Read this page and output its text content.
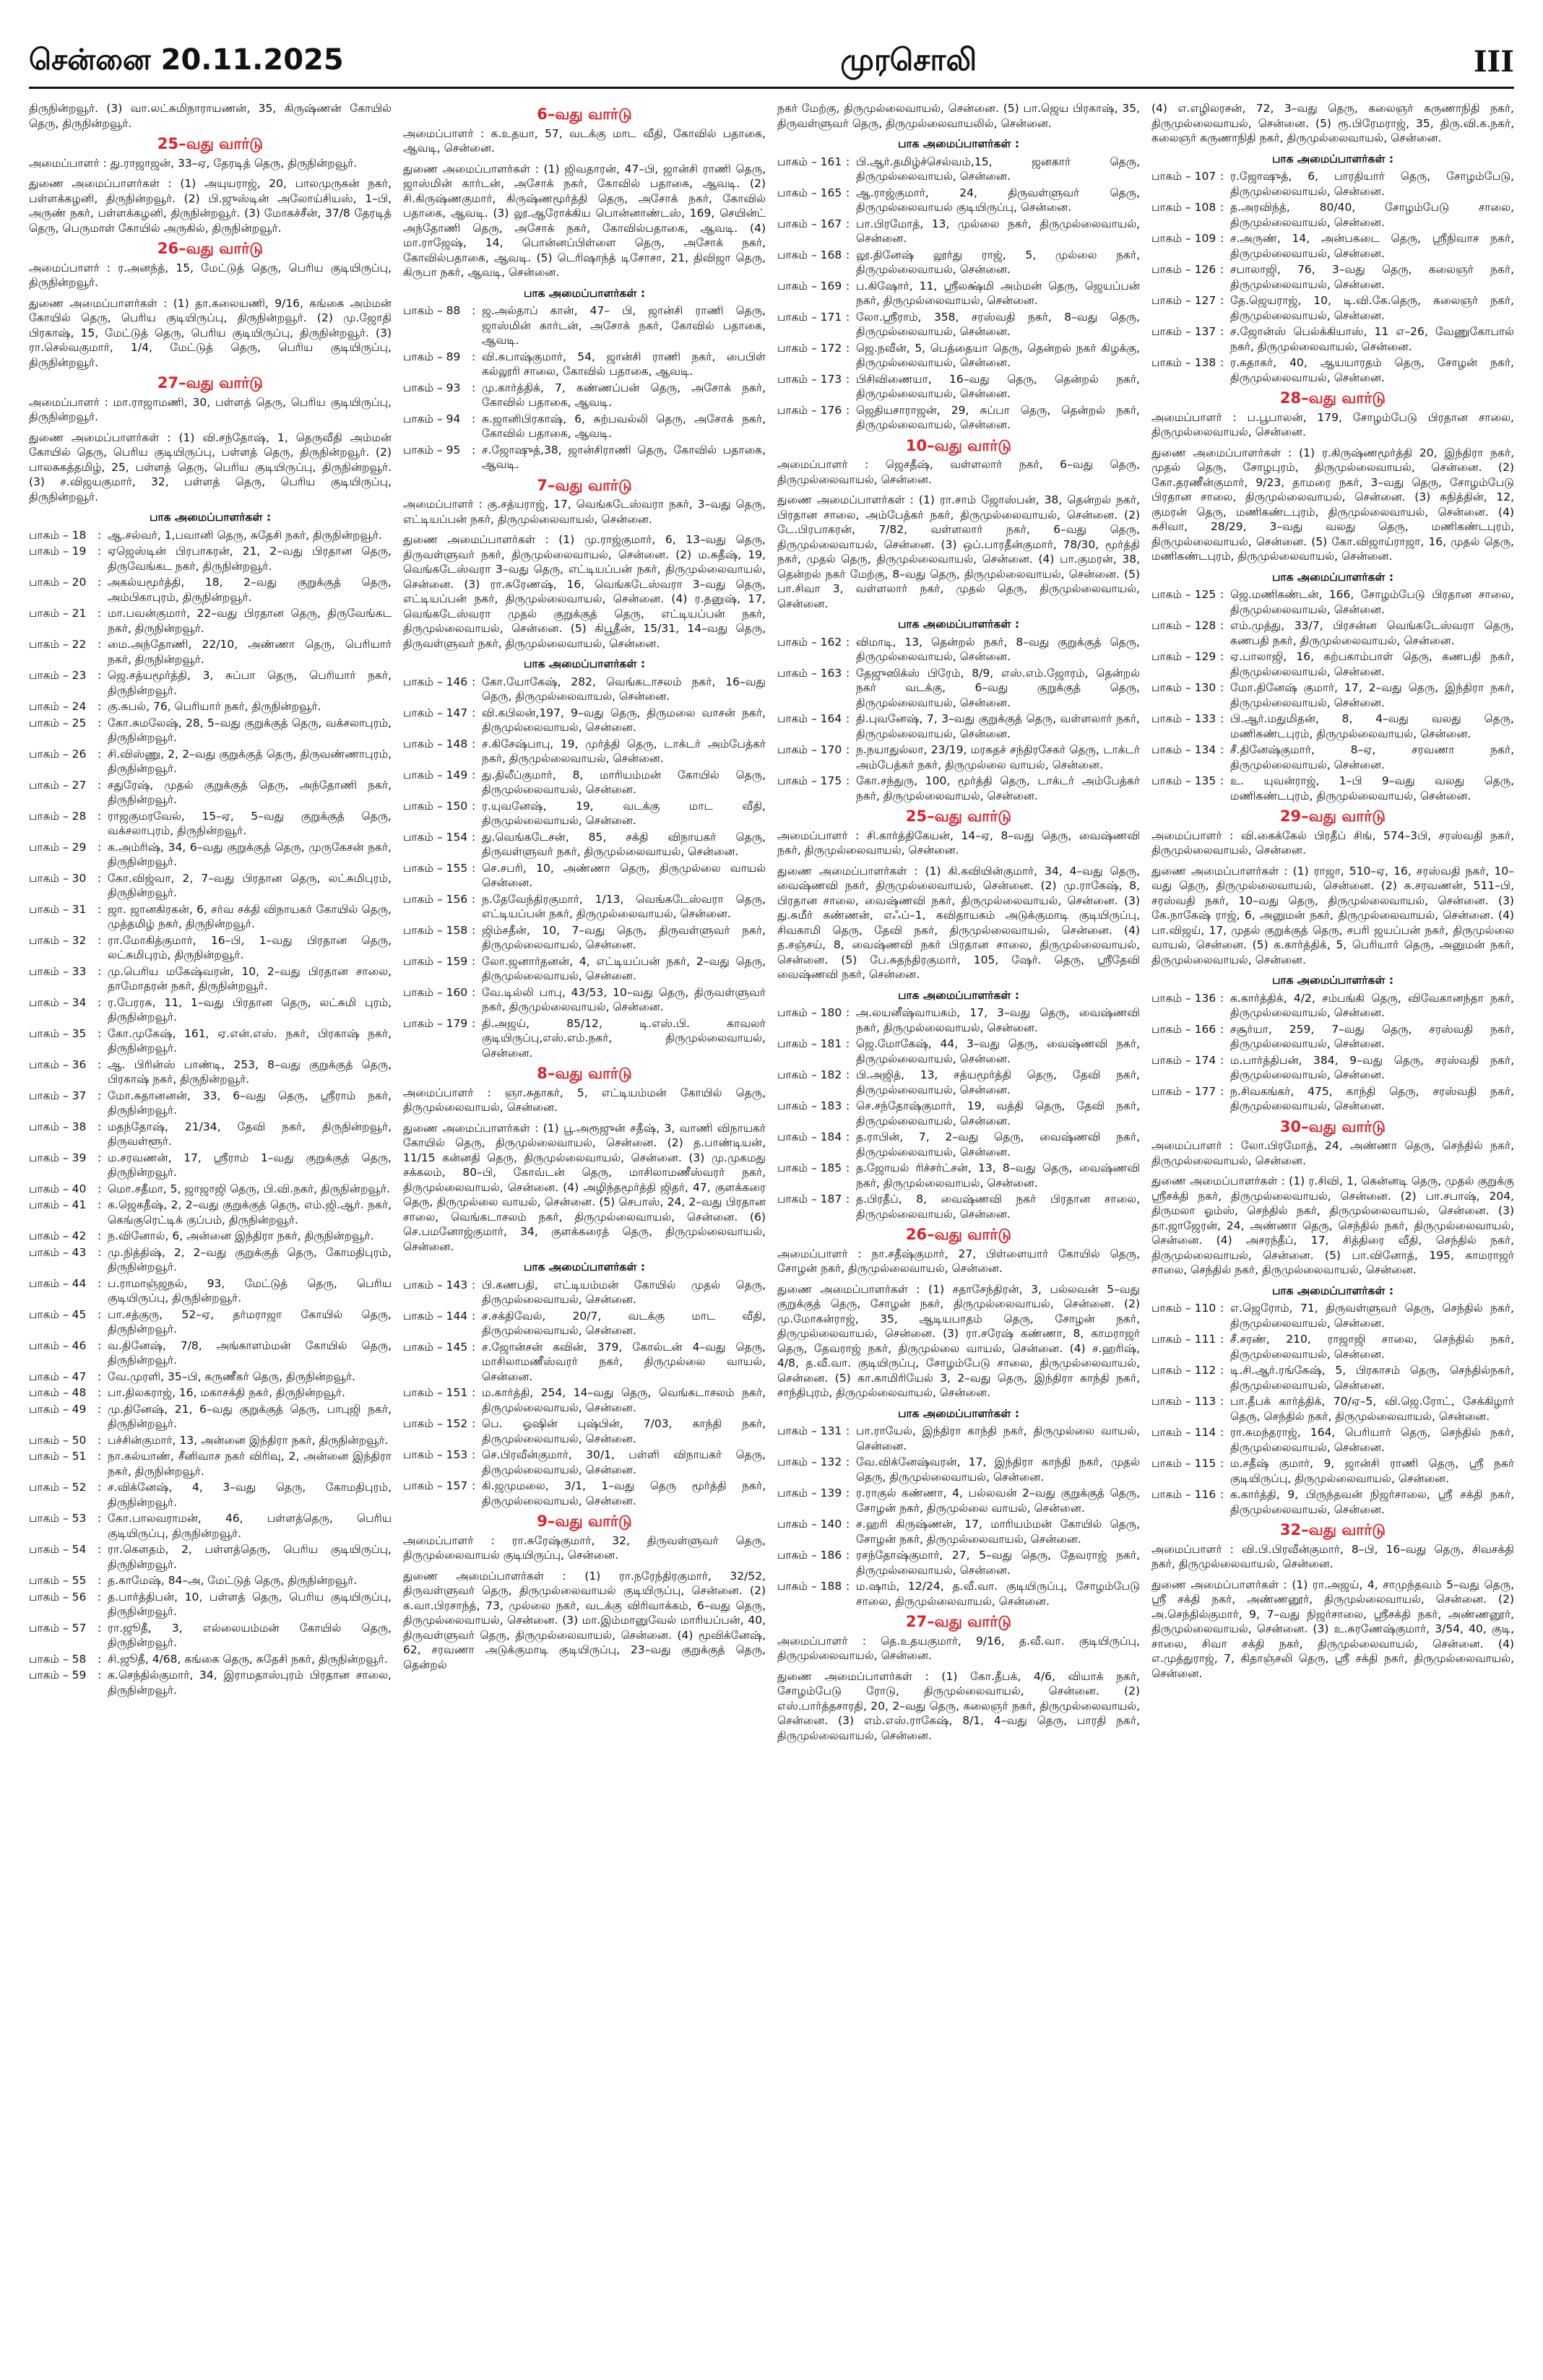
சென்னை 20.11.2025	முரசொலி	III

திருநின்றவூர். (3) வா.லட்சுமிநாராயணன், 35, கிருஷ்ணன் கோயில் தெரு, திருநின்றவூர்.

25–வது வார்டு

அமைப்பாளர் : து.ராஜாஜன், 33–ஏ, தேரடித் தெரு, திருநின்றவூர்.

துணை அமைப்பாளர்கள் : (1) அயுயராஜ், 20, பாலமுருகன் நகர், பள்ளக்கழனி, திருநின்றவூர். (2) பி.ஜுஸ்டின் அலோய்சியஸ், 1–பி, அருண் நகர், பள்ளக்கழனி, திருநின்றவூர். (3) மோகச்சீன், 37/8 தேரடித் தெரு, பெருமாள் கோயில் அருகில், திருநின்றவூர்.

26–வது வார்டு

அமைப்பாளர் : ர.அனந்த், 15, மேட்டுத் தெரு, பெரிய குடியிருப்பு, திருநின்றவூர்.

துணை அமைப்பாளர்கள் : (1) தா.கலையணி, 9/16, கங்கை அம்மன் கோயில் தெரு, பெரிய குடியிருப்பு, திருநின்றவூர். (2) மு.ஜோதி பிரகாஷ், 15, மேட்டுத் தெரு, பெரிய குடியிருப்பு, திருநின்றவூர். (3) ரா.செல்வகுமார், 1/4, மேட்டுத் தெரு, பெரிய குடியிருப்பு, திருநின்றவூர்.

27–வது வார்டு

அமைப்பாளர் : மா.ராஜாமணி, 30, பள்ளத் தெரு, பெரிய குடியிருப்பு, திருநின்றவூர்.

துணை அமைப்பாளர்கள் : (1) வி.சந்தோஷ், 1, தெருவீதி அம்மன் கோயில் தெரு, பெரிய குடியிருப்பு, பள்ளத் தெரு, திருநின்றவூர். (2) பாலசுகத்தமிழ், 25, பள்ளத் தெரு, பெரிய குடியிருப்பு, திருநின்றவூர். (3) ச.விஜயகுமார், 32, பள்ளத் தெரு, பெரிய குடியிருப்பு, திருநின்றவூர்.

பாக அமைப்பாளர்கள் :
பாகம் – 18	: ஆ.சல்வர், 1,பவானி தெரு, சுதேசி நகர், திருநின்றவூர்.
பாகம் – 19	: ஏஜெஸ்டின் பிரபாகரன், 21, 2–வது பிரதான தெரு, திருவேங்கட நகர், திருநின்றவூர்.
பாகம் – 20	: அகல்யமூர்த்தி, 18, 2–வது குறுக்குத் தெரு, அம்பிகாபுரம், திருநின்றவூர்.
பாகம் – 21	: மா.பவன்குமார், 22–வது பிரதான தெரு, திருவேங்கட நகர், திருநின்றவூர்.
பாகம் – 22	: மை.அந்தோணி, 22/10, அண்ணா தெரு, பெரியார் நகர், திருநின்றவூர்.
பாகம் – 23	: ஜெ.சத்யமூர்த்தி, 3, சுப்பா தெரு, பெரியார் நகர், திருநின்றவூர்.
பாகம் – 24	: கு.சுபல், 76, பெரியார் நகர், திருநின்றவூர்.
பாகம் – 25	: கோ.சுமலேஷ், 28, 5–வது குறுக்குத் தெரு, வக்சலாபுரம், திருநின்றவூர்.
பாகம் – 26	: சி.விஸ்ணு, 2, 2–வது குறுக்குத் தெரு, திருவண்ணாபுரம், திருநின்றவூர்.
பாகம் – 27	: சதுரேஷ், முதல் குறுக்குத் தெரு, அந்தோணி நகர், திருநின்றவூர்.
பாகம் – 28	: ராஜகுமரவேல், 15–ஏ, 5–வது குறுக்குத் தெரு, வக்சலாபுரம், திருநின்றவூர்.
பாகம் – 29	: க.அம்ரிஷ், 34, 6–வது குறுக்குத் தெரு, முருகேசன் நகர், திருநின்றவூர்.
பாகம் – 30	: கோ.விஜ்வா, 2, 7–வது பிரதான தெரு, லட்சுமிபுரம், திருநின்றவூர்.
பாகம் – 31	: ஜா. ஜானகிரகன், 6, சர்வ சக்தி விநாயகர் கோயில் தெரு, முத்தமிழ் நகர், திருநின்றவூர்.
பாகம் – 32	: ரா.மோகித்குமார், 16–பி, 1–வது பிரதான தெரு, லட்சுமிபுரம், திருநின்றவூர்.
பாகம் – 33	: மு.பெரிய மகேஷ்வரன், 10, 2–வது பிரதான சாலை, தாமோதரன் நகர், திருநின்றவூர்.
பாகம் – 34	: ர.பேரரசு, 11, 1–வது பிரதான தெரு, லட்சுமி புரம், திருநின்றவூர்.
பாகம் – 35	: கோ.முகேஷ், 161, ஏ.என்.எஸ். நகர், பிரகாஷ் நகர், திருநின்றவூர்.
பாகம் – 36	: ஆ. பிரின்ஸ் பாண்டி, 253, 8–வது குறுக்குத் தெரு, பிரகாஷ் நகர், திருநின்றவூர்.
பாகம் – 37	: மோ.சுதானனன், 33, 6–வது தெரு, ஸ்ரீராம் நகர், திருநின்றவூர்.
பாகம் – 38	: மதந்தோஷ், 21/34, தேவி நகர், திருநின்றவூர், திருவள்ளூர்.
பாகம் – 39	: ம.சரவணன், 17, ஸ்ரீராம் 1–வது குறுக்குத் தெரு, திருநின்றவூர்.
பாகம் – 40	: மொ.சதீமா, 5, ஜாஜாஜி தெரு, பி.வி.நகர், திருநின்றவூர்.
பாகம் – 41	: க.ஜெகதீஷ், 2, 2–வது குறுக்குத் தெரு, எம்.ஜி.ஆர். நகர், கெங்குரெட்டிக் குப்பம், திருநின்றவூர்.
பாகம் – 42	: ந.வினோல், 6, அன்னை இந்திரா நகர், திருநின்றவூர்.
பாகம் – 43	: மு.நித்திஷ், 2, 2–வது குறுக்குத் தெரு, கோமதிபுரம், திருநின்றவூர்.
பாகம் – 44	: ப.ராமாஞ்ஜநல், 93, மேட்டுத் தெரு, பெரிய குடியிருப்பு, திருநின்றவூர்.
பாகம் – 45	: பா.சத்குரு, 52–ஏ, தர்மராஜா கோயில் தெரு, திருநின்றவூர்.
பாகம் – 46	: வ.தினேஷ், 7/8, அங்காளம்மன் கோயில் தெரு, திருநின்றவூர்.
பாகம் – 47	: வே.முரளி, 35–பி, கருணீகர் தெரு, திருநின்றவூர்.
பாகம் – 48	: பா.திலகராஜ், 16, மகாசக்தி நகர், திருநின்றவூர்.
பாகம் – 49	: மு.தினேஷ், 21, 6–வது குறுக்குத் தெரு, பாபுஜி நகர், திருநின்றவூர்.
பாகம் – 50	: பச்சின்குமார், 13, அன்னை இந்திரா நகர், திருநின்றவூர்.
பாகம் – 51	: நா.கல்யாண், சீனிவாச நகர் விரிவு, 2, அன்னை இந்திரா நகர், திருநின்றவூர்.
பாகம் – 52	: ச.விக்னேஷ், 4, 3–வது தெரு, கோமதிபுரம், திருநின்றவூர்.
பாகம் – 53	: கோ.பாலவராமன், 46, பள்ளத்தெரு, பெரிய குடியிருப்பு, திருநின்றவூர்.
பாகம் – 54	: ரா.கௌதம், 2, பள்ளத்தெரு, பெரிய குடியிருப்பு, திருநின்றவூர்.
பாகம் – 55	: த.காமேஷ், 84–அ, மேட்டுத் தெரு, திருநின்றவூர்.
பாகம் – 56	: த.பார்த்திபன், 10, பள்ளத் தெரு, பெரிய குடியிருப்பு, திருநின்றவூர்.
பாகம் – 57	: ரா.ஜூதீ, 3, எல்லையம்மன் கோயில் தெரு, திருநின்றவூர்.
பாகம் – 58	: சி.ஜூதீ, 4/68, கங்கை தெரு, சுதேசி நகர், திருநின்றவூர்.
பாகம் – 59	: க.செந்தில்குமார், 34, இராமதாஸ்புரம் பிரதான சாலை, திருநின்றவூர்.
6–வது வார்டு

அமைப்பாளர் : க.உதயா, 57, வடக்கு மாட வீதி, கோவில் பதாகை, ஆவடி, சென்னை.

துணை அமைப்பாளர்கள் : (1) ஜிவதாரன், 47–பி, ஜான்சி ராணி தெரு, ஜாஸ்மின் கார்டன், அசோக் நகர், கோவில் பதாகை, ஆவடி. (2) சி.கிருஷ்ணகுமார், கிருஷ்ணமூர்த்தி தெரு, அசோக் நகர், கோவில் பதாகை, ஆவடி. (3) லூ.ஆரோக்கிய பொன்னாண்டஸ், 169, செயின்ட் அந்தோணி தெரு, அசோக் நகர், கோவில்பதாகை, ஆவடி. (4) மா.ராஜேஷ், 14, பொன்னப்பிள்ளை தெரு, அசோக் நகர், கோவில்பதாகை, ஆவடி. (5) டெரிஷாந்த் டிசோசா, 21, திவிஜா தெரு, கிருபா நகர், ஆவடி, சென்னை.

பாக அமைப்பாளர்கள் :
பாகம் – 88	: ஜ.அல்தாப் கான், 47– பி, ஜான்சி ராணி தெரு, ஜாஸ்மின் கார்டன், அசோக் நகர், கோவில் பதாகை, ஆவடி.
பாகம் – 89	: வி.சுபாஷ்குமார், 54, ஜான்சி ராணி நகர், பைபிள் கல்லூரி சாலை, கோவில் பதாகை, ஆவடி.
பாகம் – 93	: மு.கார்த்திக், 7, கண்ணப்பன் தெரு, அசோக் நகர், கோவில் பதாகை, ஆவடி.
பாகம் – 94	: சு.ஜானிபிரகாஷ், 6, சுற்பவல்லி தெரு, அசோக் நகர், கோவில் பதாகை, ஆவடி.
பாகம் – 95	: ச.ஜோஷுத்,38, ஜான்சிராணி தெரு, கோவில் பதாகை, ஆவடி.
7–வது வார்டு

அமைப்பாளர் : கு.சத்யராஜ், 17, வெங்கடேஸ்வரா நகர், 3–வது தெரு, எட்டியப்பன் நகர், திருமுல்லைவாயல், சென்னை.

துணை அமைப்பாளர்கள் : (1) மு.ராஜ்குமார், 6, 13–வது தெரு, திருவள்ளுவர் நகர், திருமுல்லைவாயல், சென்னை. (2) ம.சுதீஷ், 19, வெங்கடேஸ்வரா 3–வது தெரு, எட்டியப்பன் நகர், திருமுல்லைவாயல், சென்னை. (3) ரா.சுரேணஷ், 16, வெங்கடேஸ்வரா 3–வது தெரு, எட்டியப்பன் நகர், திருமுல்லைவாயல், சென்னை. (4) ர.தனுஷ், 17, வெங்கடேஸ்வரா முதல் குறுக்குத் தெரு, எட்டியப்பன் நகர், திருமுல்லைவாயல், சென்னை. (5) கிபூதீன், 15/31, 14–வது தெரு, திருவள்ளுவர் நகர், திருமுல்லைவாயல், சென்னை.

பாக அமைப்பாளர்கள் :
பாகம் – 146 : கோ.யோகேஷ், 282, வெங்கடாசலம் நகர், 16–வது தெரு, திருமுல்லைவாயல், சென்னை.
பாகம் – 147 : வி.கபிலன்,197, 9–வது தெரு, திருமலை வாசன் நகர், திருமுல்லைவாயல், சென்னை.
பாகம் – 148 : ச.கிசேஷ்பாபு, 19, முர்த்தி தெரு, டாக்டர் அம்பேத்கர் நகர், திருமுல்லைவாயல், சென்னை.
பாகம் – 149 : து.திலீப்குமார், 8, மாரியம்மன் கோயில் தெரு, திருமுல்லைவாயல், சென்னை.
பாகம் – 150 : ர.யுவனேஷ், 19, வடக்கு மாட வீதி, திருமுல்லைவாயல், சென்னை.
பாகம் – 154 : து.வெங்கடேசன், 85, சக்தி விநாயகர் தெரு, திருவள்ளுவர் நகர், திருமுல்லைவாயல், சென்னை.
பாகம் – 155 : செ.சபரி, 10, அண்ணா தெரு, திருமுல்லை வாயல் சென்னை.
பாகம் – 156 : ந.தேவேந்திரகுமார், 1/13, வெங்கடேஸ்வரா தெரு, எட்டியப்பன் நகர், திருமுல்லைவாயல், சென்னை.
பாகம் – 158 : ஜிம்சதீன், 10, 7–வது தெரு, திருவள்ளுவர் நகர், திருமுல்லைவாயல், சென்னை.
பாகம் – 159 : லோ.ஜனார்தனன், 4, எட்டியப்பன் நகர், 2–வது தெரு, திருமுல்லைவாயல், சென்னை.
பாகம் – 160 : வே.டில்லி பாபு, 43/53, 10–வது தெரு, திருவள்ளுவர் நகர், திருமுல்லைவாயல், சென்னை.
பாகம் – 179 : தி.அஜய், 85/12, டி.எஸ்.பி. காவலர் குடியிருப்பு,எஸ்.எம்.நகர், திருமுல்லைவாயல், சென்னை.
8–வது வார்டு

அமைப்பாளர் : ஞா.சுதாகர், 5, எட்டியம்மன் கோயில் தெரு, திருமுல்லைவாயல், சென்னை.

துணை அமைப்பாளர்கள் : (1) பூ.அரூஜுன் சதீஷ், 3, வாணி விநாயகர் கோயில் தெரு, திருமுல்லைவாயல், சென்னை. (2) த.பாண்டியன், 11/15 கன்னதி தெரு, திருமுல்லைவாயல், சென்னை. (3) மு.முகமது சக்கலம், 80–பி, கோவ்டன் தெரு, மாசிலாமணீஸ்வரர் நகர், திருமுல்லைவாயல், சென்னை. (4) அழிந்தமூர்த்தி ஜிதர், 47, குளக்கரை தெரு, திருமுல்லை வாயல், சென்னை. (5) செபாஸ், 24, 2–வது பிரதான சாலை, வெங்கடாசலம் நகர், திருமுல்லைவாயல், சென்னை. (6) செ.பமனோஜ்குமார், 34, குளக்கரைத் தெரு, திருமுல்லைவாயல், சென்னை.

பாக அமைப்பாளர்கள் :
பாகம் – 143 : பி.கணபதி, எட்டியம்மன் கோயில் முதல் தெரு, திருமுல்லைவாயல், சென்னை.
பாகம் – 144 : ச.சக்திவேல், 20/7, வடக்கு மாட வீதி, திருமுல்லைவாயல், சென்னை.
பாகம் – 145 : ச.ஜோன்சன் கவின், 379, கோல்டன் 4–வது தெரு, மாசிலாமணீஸ்வரர் நகர், திருமுல்லை வாயல், சென்னை.
பாகம் – 151 : ம.கார்த்தி, 254, 14–வது தெரு, வெங்கடாசலம் நகர், திருமுல்லைவாயல், சென்னை.
பாகம் – 152 : பெ. ஓஷின் புஷ்பின், 7/03, காந்தி நகர், திருமுல்லைவாயல், சென்னை.
பாகம் – 153 : செ.பிரவீன்குமார், 30/1, பள்ளி விநாயகர் தெரு, திருமுல்லைவாயல், சென்னை.
பாகம் – 157 : கி.ஜமுமலை, 3/1, 1–வது தெரு மூர்த்தி நகர், திருமுல்லைவாயல், சென்னை.
9–வது வார்டு

அமைப்பாளர் : ரா.சுரேஷ்குமார், 32, திருவள்ளுவர் தெரு, திருமுல்லைவாயல் குடியிருப்பு, சென்னை.

துணை அமைப்பாளர்கள் : (1) ரா.நரேந்திரகுமார், 32/52, திருவள்ளுவர் தெரு, திருமுல்லைவாயல் குடியிருப்பு, சென்னை. (2) க.வா.பிரசாந்த், 73, முல்லை நகர், வடக்கு விரிவாக்கம், 6–வது தெரு, திருமுல்லைவாயல், சென்னை. (3) மா.இம்மானுவேல் மாரியப்பன், 40, திருவள்ளுவர் தெரு, திருமுல்லைவாயல், சென்னை. (4) மூவிக்னேஷ், 62, சரவணா அடுக்குமாடி குடியிருப்பு, 23–வது குறுக்குத் தெரு, தென்றல்

நகர் மேற்கு, திருமுல்லைவாயல், சென்னை. (5) பா.ஜெய பிரகாஷ், 35, திருவள்ளுவர் தெரு, திருமுல்லைவாயலில், சென்னை.

பாக அமைப்பாளர்கள் :
பாகம் – 161 : பி.ஆர்.தமிழ்ச்செல்வம்,15, ஜனகார் தெரு, திருமுல்லைவாயல், சென்னை.
பாகம் – 165 : ஆ.ராஜ்குமார், 24, திருவள்ளுவர் தெரு, திருமுல்லைவாயல் குடியிருப்பு, சென்னை.
பாகம் – 167 : பா.பிரமோத், 13, முல்லை நகர், திருமுல்லைவாயல், சென்னை.
பாகம் – 168 : லூ.தினேஷ் லூர்து ராஜ், 5, முல்லை நகர், திருமுல்லைவாயல், சென்னை.
பாகம் – 169 : ப.கிஷோர், 11, ஸ்ரீலக்ஷ்மி அம்மன் தெரு, ஜெயப்பன் நகர், திருமுல்லைவாயல், சென்னை.
பாகம் – 171 : லோ.ஸ்ரீராம், 358, சரஸ்வதி நகர், 8–வது தெரு, திருமுல்லைவாயல், சென்னை.
பாகம் – 172 : ஜெ.நவீன், 5, பெத்தையா தெரு, தென்றல் நகர் கிழக்கு, திருமுல்லைவாயல், சென்னை.
பாகம் – 173 : பிசிவிணையா, 16–வது தெரு, தென்றல் நகர், திருமுல்லைவாயல், சென்னை.
பாகம் – 176 : ஜெதியசாராஜன், 29, சுப்பா தெரு, தென்றல் நகர், திருமுல்லைவாயல், சென்னை.
10–வது வார்டு

அமைப்பாளர் : ஜெசதீஷ், வள்ளலார் நகர், 6–வது தெரு, திருமுல்லைவாயல், சென்னை.

துணை அமைப்பாளர்கள் : (1) ரா.சாம் ஜோஸ்பன், 38, தென்றல் நகர், பிரதான சாலை, அம்பேத்கர் நகர், திருமுல்லைவாயல், சென்னை. (2) டே.பிரபாகரன், 7/82, வள்ளலார் நகர், 6–வது தெரு, திருமுல்லைவாயல், சென்னை. (3) ஒப்.பாரதீன்குமார், 78/30, மூர்த்தி நகர், முதல் தெரு, திருமுல்லைவாயல், சென்னை. (4) பா.குமரன், 38, தென்றல் நகர் மேற்கு, 8–வது தெரு, திருமுல்லைவாயல், சென்னை. (5) பா.சிவா 3, வள்ளலார் நகர், முதல் தெரு, திருமுல்லைவாயல், சென்னை.

பாக அமைப்பாளர்கள் :
பாகம் – 162 : விமாடி, 13, தென்றல் நகர், 8–வது குறுக்குத் தெரு, திருமுல்லைவாயல், சென்னை.
பாகம் – 163 : தேஜுஸிக்ஸ் பிரேம், 8/9, எஸ்.எம்.ஜோரம், தென்றல் நகர் வடக்கு, 6–வது குறுக்குத் தெரு, திருமுல்லைவாயல், சென்னை.
பாகம் – 164 : தி.புவனேஷ், 7, 3–வது குறுக்குத் தெரு, வள்ளலார் நகர், திருமுல்லைவாயல், சென்னை.
பாகம் – 170 : ந.நயாதுல்லா, 23/19, மரகதச் சந்திரசேகர் தெரு, டாக்டர் அம்பேத்கர் நகர், திருமுல்லை வாயல், சென்னை.
பாகம் – 175 : கோ.சந்துரு, 100, மூர்த்தி தெரு, டாக்டர் அம்பேத்கர் நகர், திருமுல்லைவாயல், சென்னை.
25–வது வார்டு

அமைப்பாளர் : சி.கார்த்திகேயன், 14–ஏ, 8–வது தெரு, வைஷ்ணவி நகர், திருமுல்லைவாயல், சென்னை.

துணை அமைப்பாளர்கள் : (1) கி.கவியின்குமார், 34, 4–வது தெரு, வைஷ்ணவி நகர், திருமுல்லைவாயல், சென்னை. (2) மு.ராகேஷ், 8, பிரதான சாலை, வைஷ்ணவி நகர், திருமுல்லைவாயல், சென்னை. (3) து.சுமீர் கண்ணன், எஃப்–1, கவிதாயகம் அடுக்குமாடி குடியிருப்பு, சிவகாமி தெரு, தேவி நகர், திருமுல்லைவாயல், சென்னை. (4) த.சஞ்சய், 8, வைஷ்ணவி நகர் பிரதான சாலை, திருமுல்லைவாயல், சென்னை. (5) பே.சுதந்திரகுமார், 105, ஷேர். தெரு, ஸ்ரீதேவி வைஷ்ணவி நகர், சென்னை.

பாக அமைப்பாளர்கள் :
பாகம் – 180 : அ.லயனீஷ்வாயகம், 17, 3–வது தெரு, வைஷ்ணவி நகர், திருமுல்லைவாயல், சென்னை.
பாகம் – 181 : ஜெ.மோகேஷ், 44, 3–வது தெரு, வைஷ்ணவி நகர், திருமுல்லைவாயல், சென்னை.
பாகம் – 182 : பி.அஜித், 13, சத்யமூர்த்தி தெரு, தேவி நகர், திருமுல்லைவாயல், சென்னை.
பாகம் – 183 : செ.சந்தோஷ்குமார், 19, வத்தி தெரு, தேவி நகர், திருமுல்லைவாயல், சென்னை.
பாகம் – 184 : த.ராபின், 7, 2–வது தெரு, வைஷ்ணவி நகர், திருமுல்லைவாயல், சென்னை.
பாகம் – 185 : த.ஜோயல் ரிச்சர்ட்சன், 13, 8–வது தெரு, வைஷ்ணவி நகர், திருமுல்லைவாயல், சென்னை.
பாகம் – 187 : த.பிரதீப், 8, வைஷ்ணவி நகர் பிரதான சாலை, திருமுல்லைவாயல், சென்னை.
26–வது வார்டு

அமைப்பாளர் : நா.சதீஷ்குமார், 27, பிள்ளையார் கோயில் தெரு, சோழன் நகர், திருமுல்லைவாயல், சென்னை.

துணை அமைப்பாளர்கள் : (1) சதாசேந்திரன், 3, பல்லவன் 5–வது குறுக்குத் தெரு, சோழன் நகர், திருமுல்லைவாயல், சென்னை. (2) மு.மோகன்ராஜ், 35, ஆடியபாதம் தெரு, சோழன் நகர், திருமுல்லைவாயல், சென்னை. (3) ரா.சரேஷ் கண்ணா, 8, காமராஜர் தெரு, தேவராஜ் நகர், திருமுல்லை வாயல், சென்னை. (4) ச.ஹரிஷ், 4/8, த.வீ.வா. குடியிருப்பு, சோழம்பேடு சாலை, திருமுல்லைவாயல், சென்னை. (5) கா.காமிரியேல் 3, 2–வது தெரு, இந்திரா காந்தி நகர், சாந்திபுரம், திருமுல்லைவாயல், சென்னை.

பாக அமைப்பாளர்கள் :
பாகம் – 131 : பா.ராயேல், இந்திரா காந்தி நகர், திருமுல்லை வாயல், சென்னை.
பாகம் – 132 : வே.விக்னேஷ்வரன், 17, இந்திரா காந்தி நகர், முதல் தெரு, திருமுல்லைவாயல், சென்னை.
பாகம் – 139 : ர.ராகுல் கண்ணா, 4, பல்லவன் 2–வது குறுக்குத் தெரு, சோழன் நகர், திருமுல்லை வாயல், சென்னை.
பாகம் – 140 : ச.ஹரி கிருஷ்ணன், 17, மாரியம்மன் கோயில் தெரு, சோழன் நகர், திருமுல்லைவாயல், சென்னை.
பாகம் – 186 : ரசந்தோஷ்குமார், 27, 5–வது தெரு, தேவராஜ் நகர், திருமுல்லைவாயல், சென்னை.
பாகம் – 188 : ம.ஷாம், 12/24, த.வீ.வா. குடியிருப்பு, சோழம்பேடு சாலை, திருமுல்லைவாயல், சென்னை.
27–வது வார்டு

அமைப்பாளர் : தெ.உதயகுமார், 9/16, த.வீ.வா. குடியிருப்பு, திருமுல்லைவாயல், சென்னை.

துணை அமைப்பாளர்கள் : (1) கோ.தீபக், 4/6, வியாக் நகர், சோழம்பேடு ரோடு, திருமுல்லைவாயல், சென்னை. (2) எஸ்.பார்த்தசாரதி, 20, 2–வது தெரு, கலைஞர் நகர், திருமுல்லைவாயல், சென்னை. (3) எம்.எஸ்.ராகேஷ், 8/1, 4–வது தெரு, பாரதி நகர், திருமுல்லைவாயல், சென்னை.

(4) எ.எழிலரசன், 72, 3–வது தெரு, கலைஞர் கருணாநிதி நகர், திருமுல்லைவாயல், சென்னை. (5) ரூ.பிரேமராஜ், 35, திரு.வி.க.நகர், கலைஞர் கருணாநிதி நகர், திருமுல்லைவாயல், சென்னை.

பாக அமைப்பாளர்கள் :
பாகம் – 107 : ர.ஜோஷுத், 6, பாரதியார் தெரு, சோழம்பேடு, திருமுல்லைவாயல், சென்னை.
பாகம் – 108 : த.அரவிந்த், 80/40, சோழம்பேடு சாலை, திருமுல்லைவாயல், சென்னை.
பாகம் – 109 : ச.அருண், 14, அன்பகடை தெரு, ஸ்ரீநிவாச நகர், திருமுல்லைவாயல், சென்னை.
பாகம் – 126 : சபாலாஜி, 76, 3–வது தெரு, கலைஞர் நகர், திருமுல்லைவாயல், சென்னை.
பாகம் – 127 : தே.ஜெயராஜ், 10, டி.வி.கே.தெரு, கலைஞர் நகர், திருமுல்லைவாயல், சென்னை.
பாகம் – 137 : ச.ஜோன்ஸ் பெல்க்கியாஸ், 11 எ–26, வேணுகோபால் நகர், திருமுல்லைவாயல், சென்னை.
பாகம் – 138 : ர.சுதாகர், 40, ஆயயாரதம் தெரு, சோழன் நகர், திருமுல்லைவாயல், சென்னை.
28–வது வார்டு

அமைப்பாளர் : ப.பூபாலன், 179, சோழம்பேடு பிரதான சாலை, திருமுல்லைவாயல், சென்னை.

துணை அமைப்பாளர்கள் : (1) ர.கிருஷ்ணமூர்த்தி 20, இந்திரா நகர், முதல் தெரு, சோழபுரம், திருமுல்லைவாயல், சென்னை. (2) கோ.தரணீன்குமார், 9/23, தாமரை நகர், 3–வது தெரு, சோழம்பேடு பிரதான சாலை, திருமுல்லைவாயல், சென்னை. (3) சுநித்தின், 12, குமரன் தெரு, மணிகண்டபுரம், திருமுல்லைவாயல், சென்னை. (4) சுசிவா, 28/29, 3–வது வலது தெரு, மணிகண்டபுரம், திருமுல்லைவாயல், சென்னை. (5) கோ.விஜாய்ராஜா, 16, முதல் தெரு, மணிகண்டபுரம், திருமுல்லைவாயல், சென்னை.

பாக அமைப்பாளர்கள் :
பாகம் – 125 : ஜெ.மணிகண்டன், 166, சோழம்பேடு பிரதான சாலை, திருமுல்லைவாயல், சென்னை.
பாகம் – 128 : எம்.முத்து, 33/7, பிரசன்ன வெங்கடேஸ்வரா தெரு, கணபதி நகர், திருமுல்லைவாயல், சென்னை.
பாகம் – 129 : ஏ.பாலாஜி, 16, கற்பகாம்பாள் தெரு, கணபதி நகர், திருமுல்லைவாயல், சென்னை.
பாகம் – 130 : மோ.தினேஷ் குமார், 17, 2–வது தெரு, இந்திரா நகர், திருமுல்லைவாயல், சென்னை.
பாகம் – 133 : பி.ஆர்.மதுமிதன், 8, 4–வது வலது தெரு, மணிகண்டபுரம், திருமுல்லைவாயல், சென்னை.
பாகம் – 134 : சீ.தினேஷ்குமார், 8–ஏ, சரவணா நகர், திருமுல்லைவாயல், சென்னை.
பாகம் – 135 : உ. யுவன்ராஜ், 1–பி 9–வது வலது தெரு, மணிகண்டபுரம், திருமுல்லைவாயல், சென்னை.
29–வது வார்டு

அமைப்பாளர் : வி.கைக்கேல் பிரதீப் சிங், 574–3பி, சரஸ்வதி நகர், திருமுல்லைவாயல், சென்னை.

துணை அமைப்பாளர்கள் : (1) ராஜா, 510–ஏ, 16, சரஸ்வதி நகர், 10–வது தெரு, திருமுல்லைவாயல், சென்னை. (2) சு.சரவணன், 511–பி, சரஸ்வதி நகர், 10–வது தெரு, திருமுல்லைவாயல், சென்னை. (3) கே.நாகேஷ் ராஜ், 6, அனுமன் நகர், திருமுல்லைவாயல், சென்னை. (4) பா.விஜய், 17, முதல் குறுக்குத் தெரு, சபரி ஜயப்பன் நகர், திருமுல்லை வாயல், சென்னை. (5) க.கார்த்திக், 5, பெரியார் தெரு, அனுமன் நகர், திருமுல்லைவாயல், சென்னை.

பாக அமைப்பாளர்கள் :
பாகம் – 136 : க.கார்த்திக், 4/2, சம்பங்கி தெரு, விவேகானந்தா நகர், திருமுல்லைவாயல், சென்னை.
பாகம் – 166 : சசூர்யா, 259, 7–வது தெரு, சரஸ்வதி நகர், திருமுல்லைவாயல், சென்னை.
பாகம் – 174 : ம.பார்த்திபன், 384, 9–வது தெரு, சரஸ்வதி நகர், திருமுல்லைவாயல், சென்னை.
பாகம் – 177 : ந.சிவகங்கர், 475, காந்தி தெரு, சரஸ்வதி நகர், திருமுல்லைவாயல், சென்னை.
30–வது வார்டு

அமைப்பாளர் : லோ.பிரமோத், 24, அண்ணா தெரு, செந்தில் நகர், திருமுல்லைவாயல், சென்னை.

துணை அமைப்பாளர்கள் : (1) ர.சிவி, 1, கென்னடி தெரு, முதல் குறுக்கு ஸ்ரீசக்தி நகர், திருமுல்லைவாயல், சென்னை. (2) பா.சபாஷ், 204, திருமலா ஓம்ஸ், செந்தில் நகர், திருமுல்லைவாயல், சென்னை. (3) தா.ஜாஜேரன், 24, அண்ணா தெரு, செந்தில் நகர், திருமுல்லைவாயல், சென்னை. (4) அசரந்தீப், 17, சித்திரை வீதி, செந்தில் நகர், திருமுல்லைவாயல், சென்னை. (5) பா.வினோத், 195, காமராஜர் சாலை, செந்தில் நகர், திருமுல்லைவாயல், சென்னை.

பாக அமைப்பாளர்கள் :
பாகம் – 110 : எ.ஜெரோம், 71, திருவள்ளுவர் தெரு, செந்தில் நகர், திருமுல்லைவாயல், சென்னை.
பாகம் – 111 : சீ.சரண், 210, ராஜாஜி சாலை, செந்தில் நகர், திருமுல்லைவாயல், சென்னை.
பாகம் – 112 : டி.சி.ஆர்.ரங்கேஷ், 5, பிரகாசம் தெரு, செந்தில்நகர், திருமுல்லைவாயல், சென்னை.
பாகம் – 113 : பா.தீபக் கார்த்திக், 70/ஏ–5, வி.ஜெ.ரோட், சேக்கிழார் தெரு, செந்தில் நகர், திருமுல்லைவாயல், சென்னை.
பாகம் – 114 : ரா.சுமந்தராஜ், 164, பெரியார் தெரு, செந்தில் நகர், திருமுல்லைவாயல், சென்னை.
பாகம் – 115 : ம.சதீஷ் குமார், 9, ஜான்சி ராணி தெரு, ஸ்ரீ நகர் குடியிருப்பு, திருமுல்லைவாயல், சென்னை.
பாகம் – 116 : க.கார்த்தி, 9, பிருந்தவன் நிஜர்சாலை, ஸ்ரீ சக்தி நகர், திருமுல்லைவாயல், சென்னை.
32–வது வார்டு

அமைப்பாளர் : வி.பி.பிரவீன்குமார், 8–பி, 16–வது தெரு, சிவசக்தி நகர், திருமுல்லைவாயல், சென்னை.

துணை அமைப்பாளர்கள் : (1) ரா.அஜய், 4, சாமுந்தவம் 5–வது தெரு, ஸ்ரீ சக்தி நகர், அண்ணனூர், திருமுல்லைவாயல், சென்னை. (2) அ.செந்தில்குமார், 9, 7–வது நிஜர்சாலை, ஸ்ரீசக்தி நகர், அண்ணனூர், திருமுல்லைவாயல், சென்னை. (3) உ.சுரணேஷ்குமார், 3/54, 40, குடி, சாலை, சிவா சக்தி நகர், திருமுல்லைவாயல், சென்னை. (4) எ.முத்துராஜ், 7, கிதாஞ்சலி தெரு, ஸ்ரீ சக்தி நகர், திருமுல்லைவாயல், சென்னை.
